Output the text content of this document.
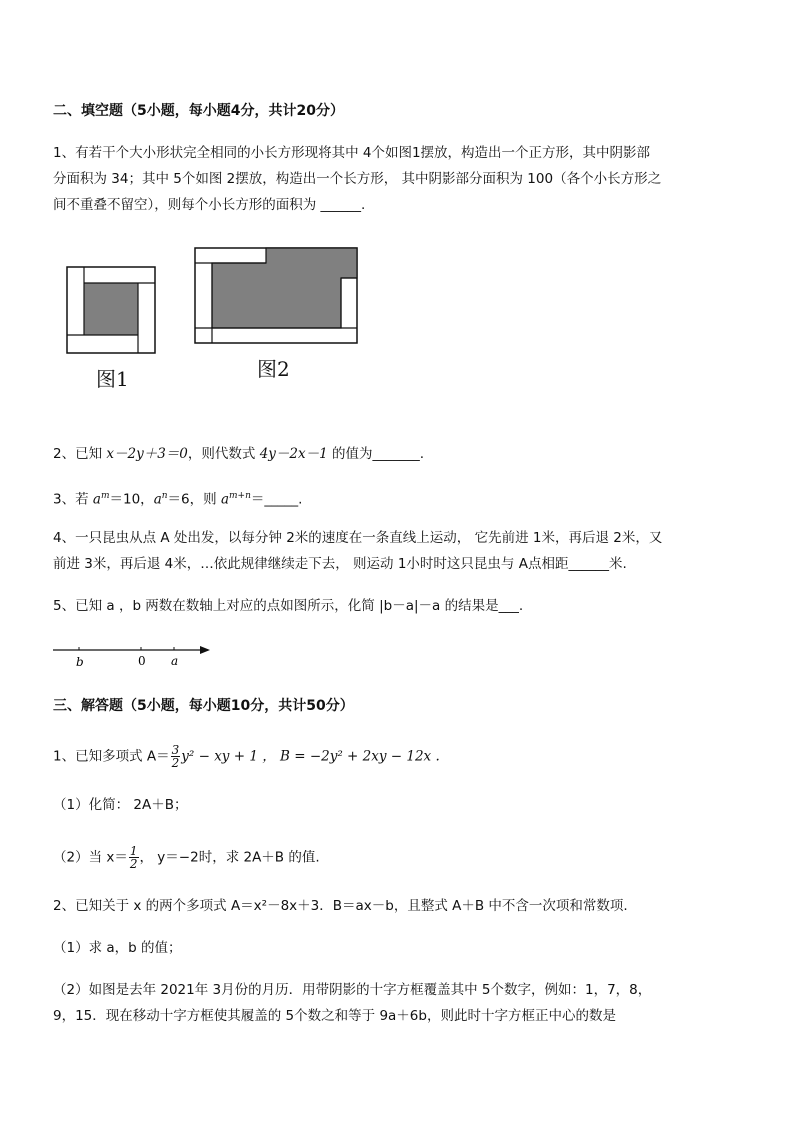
二、填空题（5小题，每小题4分，共计20分）
1、有若干个大小形状完全相同的小长方形现将其中 4个如图1摆放，构造出一个正方形，其中阴影部
分面积为 34；其中 5个如图 2摆放，构造出一个长方形， 其中阴影部分面积为 100（各个小长方形之
间不重叠不留空），则每个小长方形的面积为 ______.
图1	图2
2、已知 x－2y＋3＝0，则代数式 4y－2x－1 的值为_______.
3、若 $a^m=10$，$a^n=6$，则 $a^{m+n}=\_\_\_\_\_$.
4、一只昆虫从点 A 处出发，以每分钟 2米的速度在一条直线上运动， 它先前进 1米，再后退 2米，又
前进 3米，再后退 4米，…依此规律继续走下去， 则运动 1小时时这只昆虫与 A点相距______米.
5、已知 a ，b 两数在数轴上对应的点如图所示，化简 |b－a|－a 的结果是___.
b	0 a
三、解答题（5小题，每小题10分，共计50分）
1、已知多项式 $A= \frac{3}{2} y^2$ − xy + 1 ， B = −2y² + 2xy − 12x .
（1）化简： 2A＋B；
（2）当 $x= \frac{1}{2}$ ， y＝−2时，求 2A＋B 的值.
2、已知关于 x 的两个多项式 A＝x²－8x＋3．B＝ax－b，且整式 A＋B 中不含一次项和常数项.
（1）求 a，b 的值；
（2）如图是去年 2021年 3月份的月历．用带阴影的十字方框覆盖其中 5个数字，例如：1，7，8，
9，15．现在移动十字方框使其履盖的 5个数之和等于 9a＋6b，则此时十字方框正中心的数是
